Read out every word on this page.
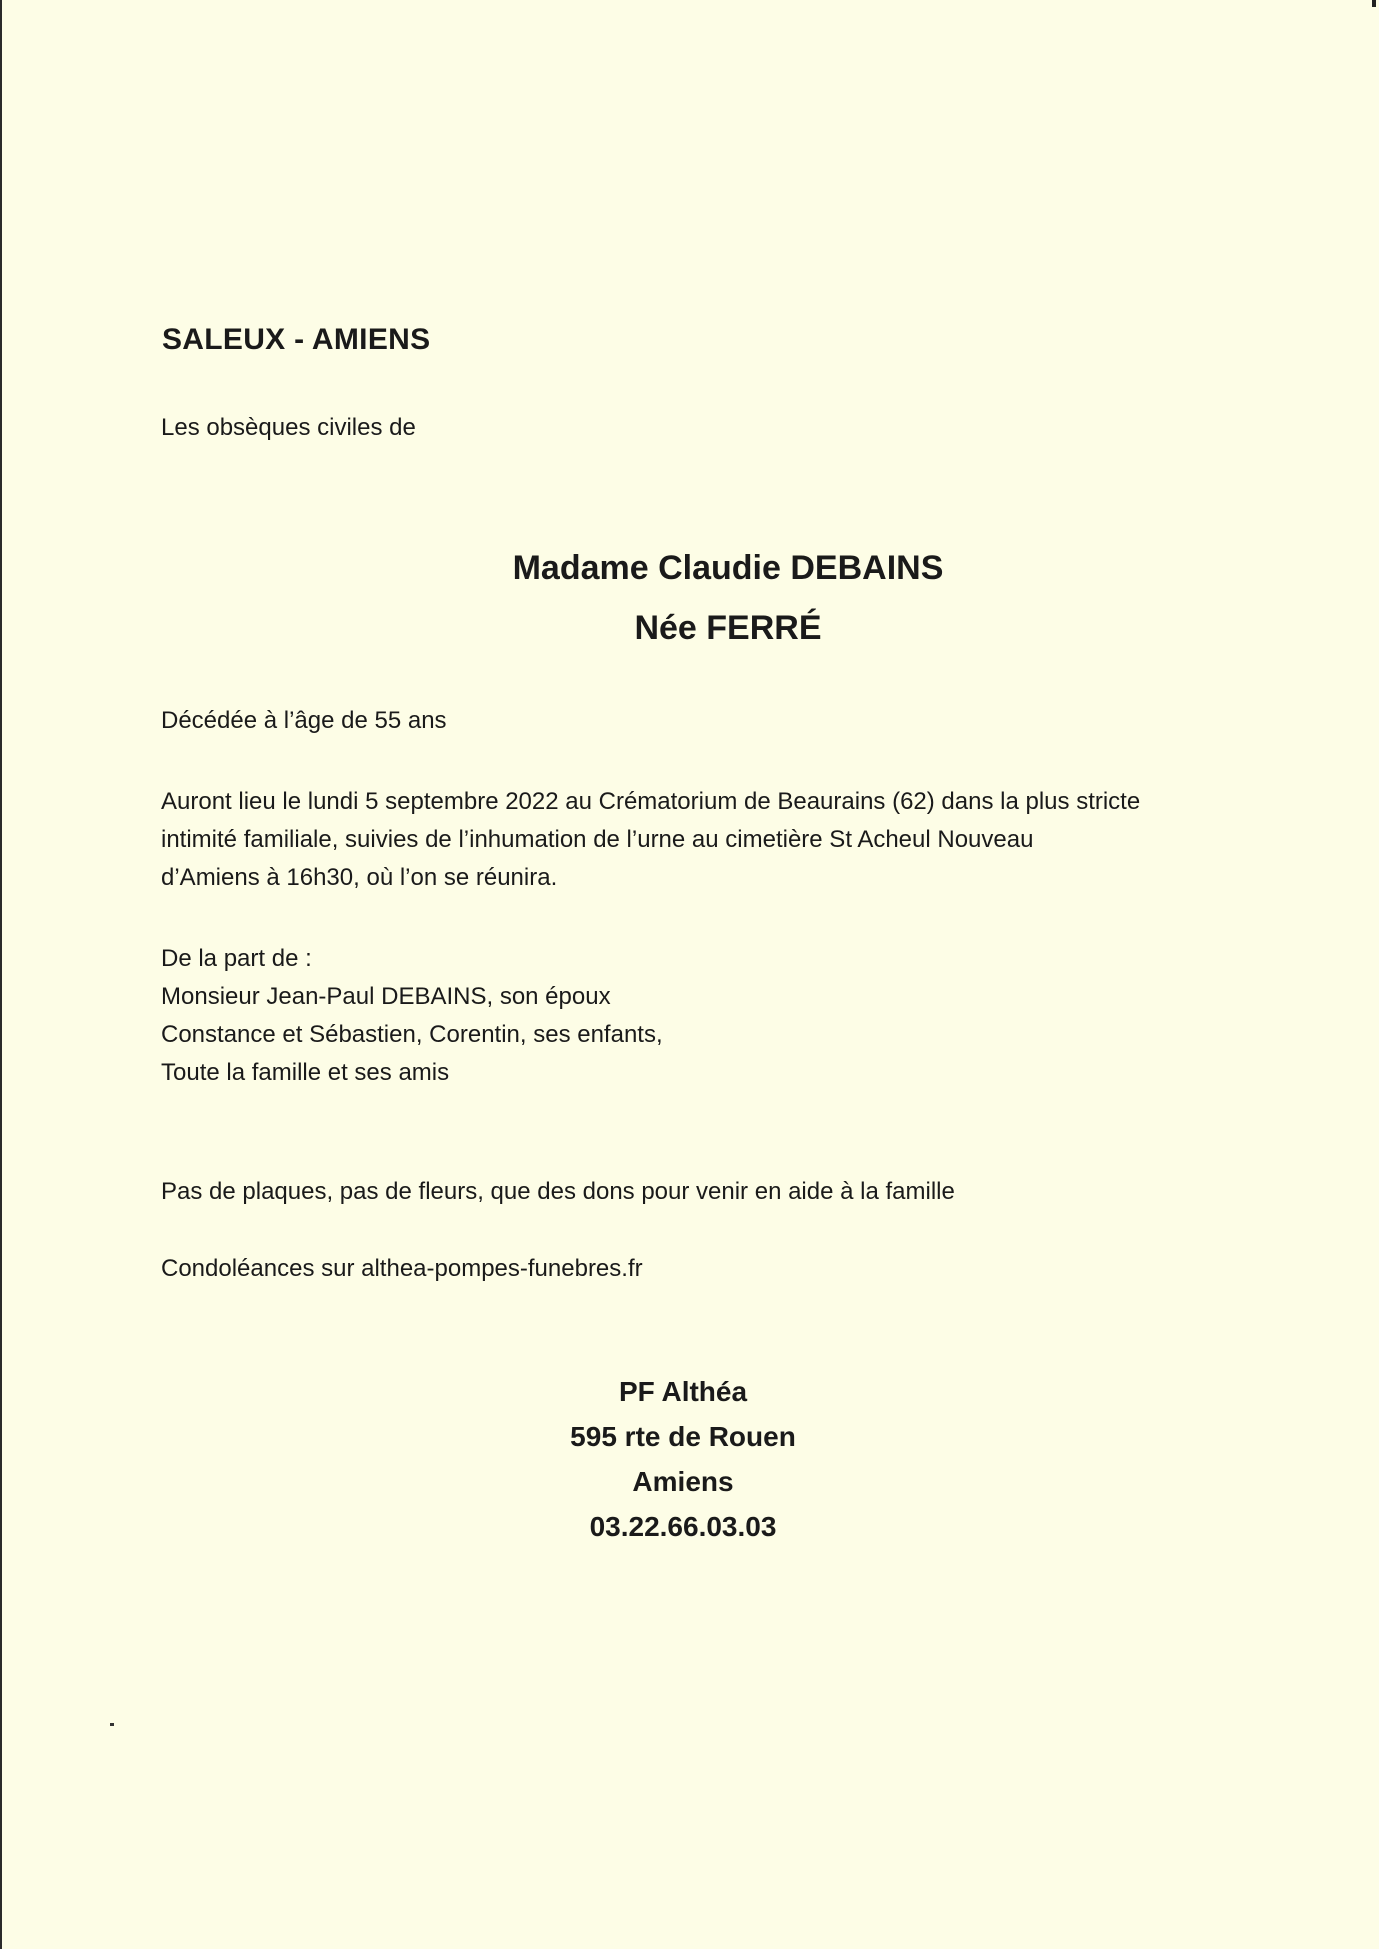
SALEUX - AMIENS
Les obsèques civiles de
Madame Claudie DEBAINS
Née FERRÉ
Décédée à l’âge de 55 ans
Auront lieu le lundi 5 septembre 2022 au Crématorium de Beaurains (62) dans la plus stricte
intimité familiale, suivies de l’inhumation de l’urne au cimetière St Acheul Nouveau
d’Amiens à 16h30, où l’on se réunira.
De la part de :
Monsieur Jean-Paul DEBAINS, son époux
Constance et Sébastien, Corentin, ses enfants,
Toute la famille et ses amis
Pas de plaques, pas de fleurs, que des dons pour venir en aide à la famille
Condoléances sur althea-pompes-funebres.fr
PF Althéa
595 rte de Rouen
Amiens
03.22.66.03.03
